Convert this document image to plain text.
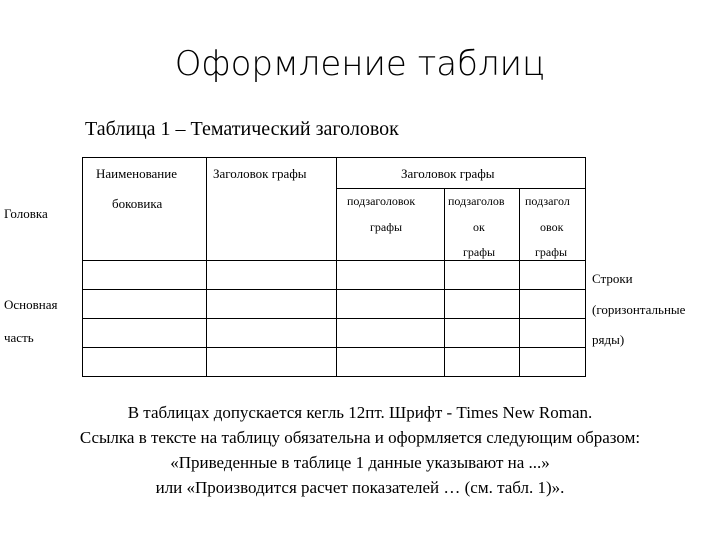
Оформление таблиц
Таблица 1 – Тематический заголовок
Головка
Наименование
боковика
Заголовок графы	Заголовок графы
подзаголовок
графы
подзаголов
ок
графы
подзагол
овок
графы
Основная
часть
Строки
(горизонтальные
ряды)
В таблицах допускается кегль 12пт. Шрифт - Times New Roman.
Ссылка в тексте на таблицу обязательна и оформляется следующим образом:
«Приведенные в таблице 1 данные указывают на ...»
или «Производится расчет показателей … (см. табл. 1)».
